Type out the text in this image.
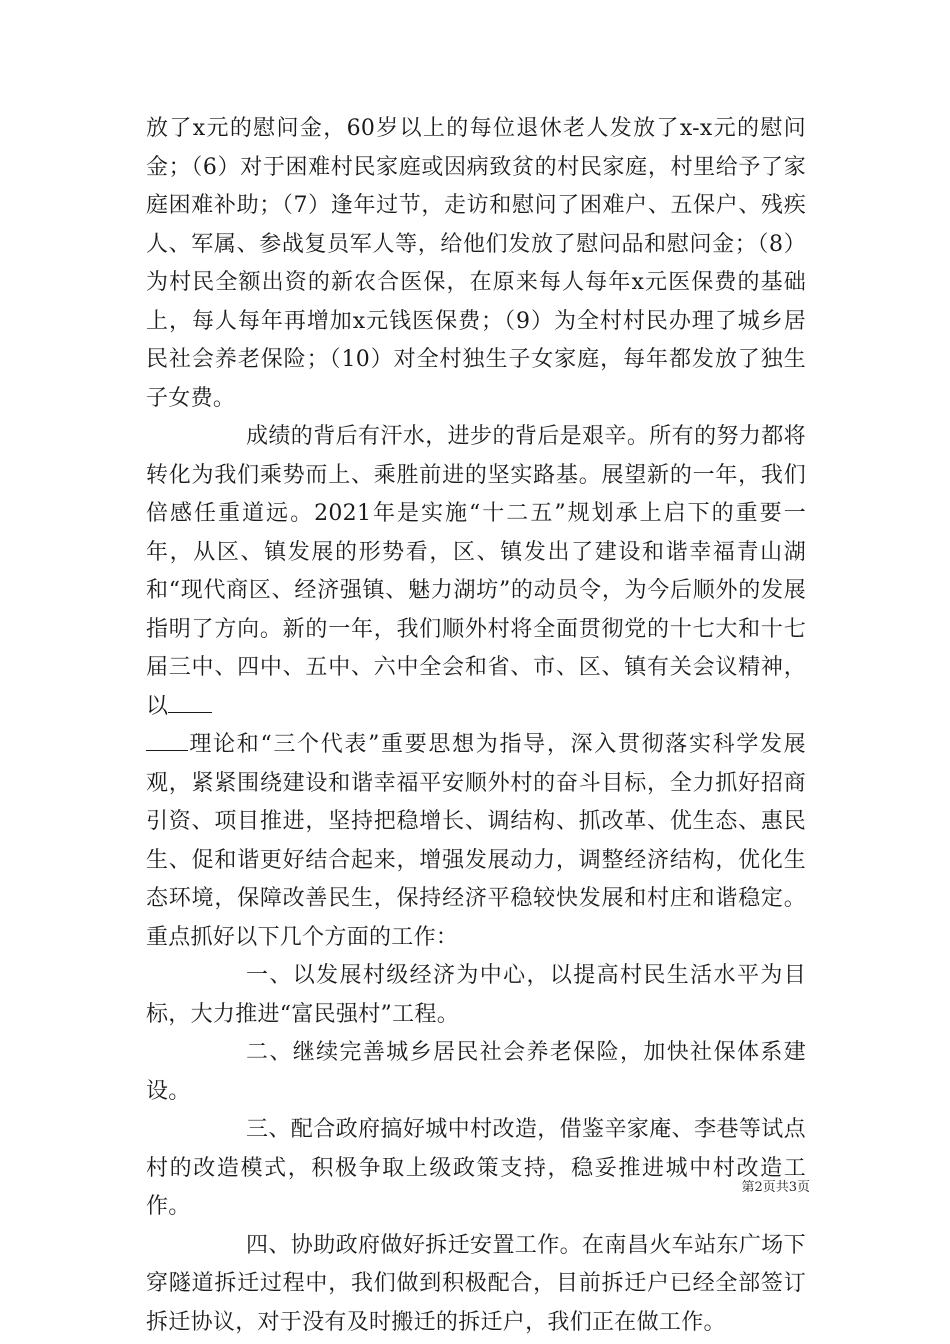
放了x元的慰问金，60岁以上的每位退休老人发放了x-x元的慰问金；（6）对于困难村民家庭或因病致贫的村民家庭，村里给予了家庭困难补助；（7）逢年过节，走访和慰问了困难户、五保户、残疾人、军属、参战复员军人等，给他们发放了慰问品和慰问金；（8）为村民全额出资的新农合医保，在原来每人每年x元医保费的基础上，每人每年再增加x元钱医保费；（9）为全村村民办理了城乡居民社会养老保险；（10）对全村独生子女家庭，每年都发放了独生子女费。

成绩的背后有汗水，进步的背后是艰辛。所有的努力都将转化为我们乘势而上、乘胜前进的坚实路基。展望新的一年，我们倍感任重道远。2021年是实施“十二五”规划承上启下的重要一年，从区、镇发展的形势看，区、镇发出了建设和谐幸福青山湖和“现代商区、经济强镇、魅力湖坊”的动员令，为今后顺外的发展指明了方向。新的一年，我们顺外村将全面贯彻党的十七大和十七届三中、四中、五中、六中全会和省、市、区、镇有关会议精神，以
理论和“三个代表”重要思想为指导，深入贯彻落实科学发展观，紧紧围绕建设和谐幸福平安顺外村的奋斗目标，全力抓好招商引资、项目推进，坚持把稳增长、调结构、抓改革、优生态、惠民生、促和谐更好结合起来，增强发展动力，调整经济结构，优化生态环境，保障改善民生，保持经济平稳较快发展和村庄和谐稳定。重点抓好以下几个方面的工作：

一、以发展村级经济为中心，以提高村民生活水平为目标，大力推进“富民强村”工程。

二、继续完善城乡居民社会养老保险，加快社保体系建设。

三、配合政府搞好城中村改造，借鉴辛家庵、李巷等试点村的改造模式，积极争取上级政策支持，稳妥推进城中村改造工作。

四、协助政府做好拆迁安置工作。在南昌火车站东广场下穿隧道拆迁过程中，我们做到积极配合，目前拆迁户已经全部签订拆迁协议，对于没有及时搬迁的拆迁户，我们正在做工作。

第2页共3页
